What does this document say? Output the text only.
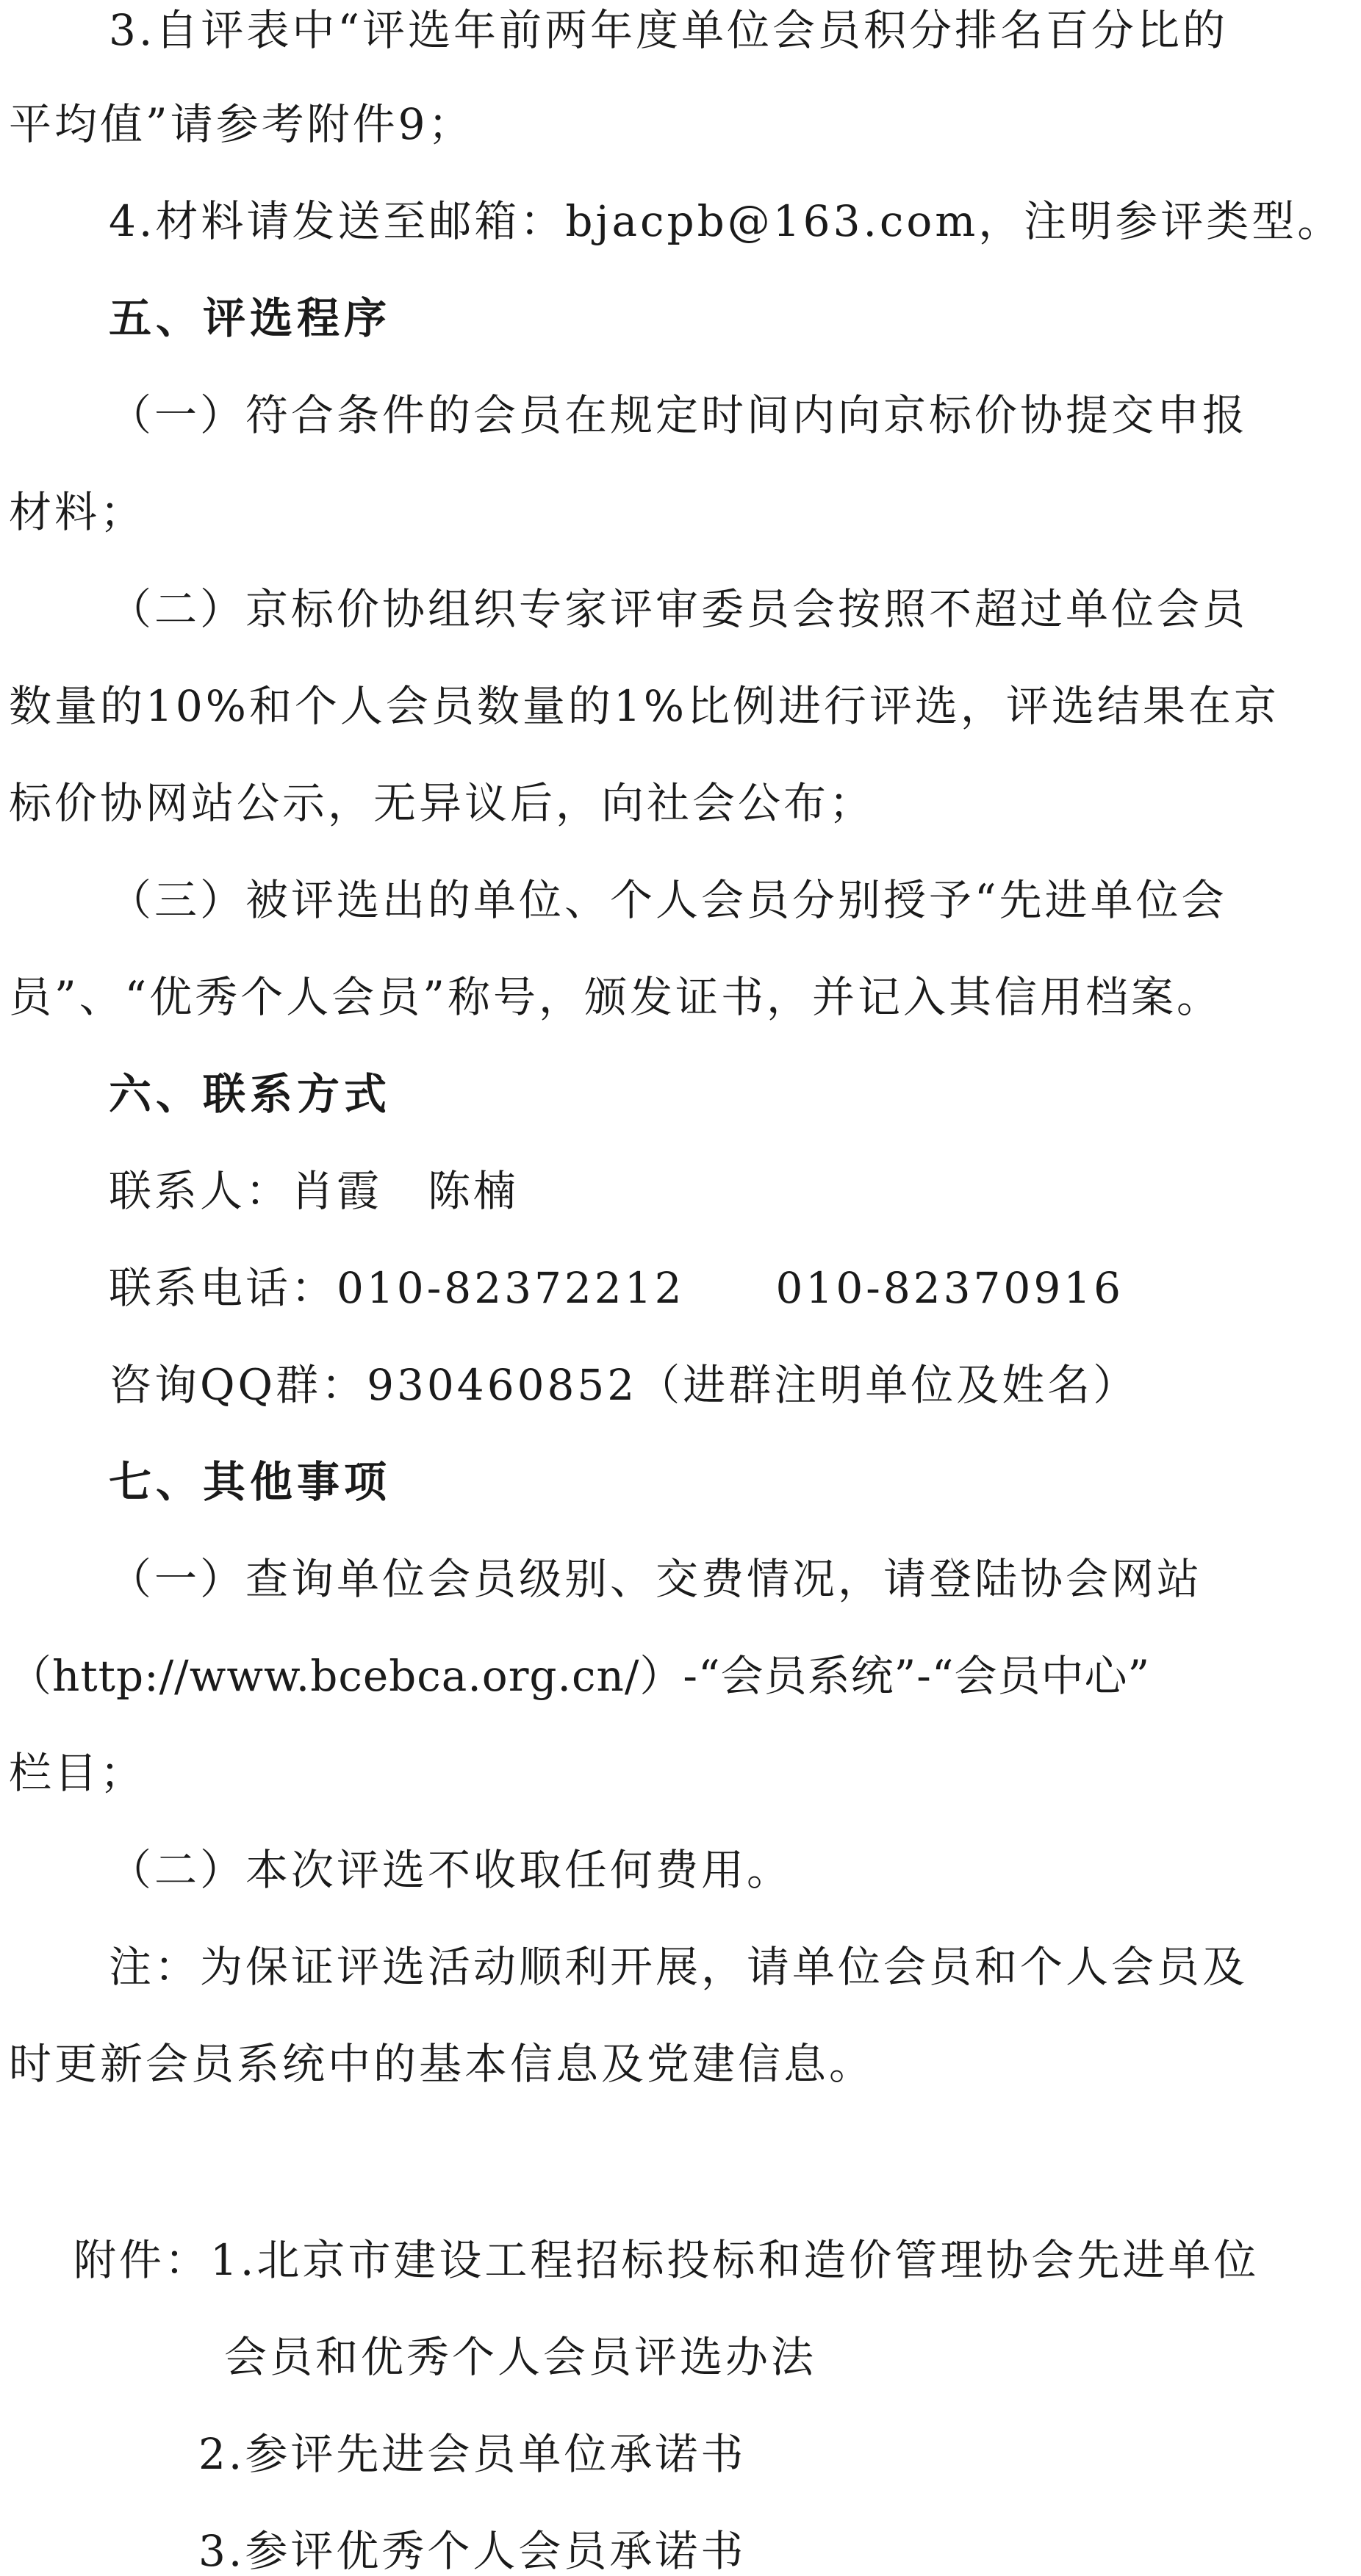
3.自评表中“评选年前两年度单位会员积分排名百分比的
平均值”请参考附件9；
4.材料请发送至邮箱：bjacpb@163.com，注明参评类型。
五、评选程序
（一）符合条件的会员在规定时间内向京标价协提交申报
材料；
（二）京标价协组织专家评审委员会按照不超过单位会员
数量的10%和个人会员数量的1%比例进行评选，评选结果在京
标价协网站公示，无异议后，向社会公布；
（三）被评选出的单位、个人会员分别授予“先进单位会
员”、“优秀个人会员”称号，颁发证书，并记入其信用档案。
六、联系方式
联系人：肖霞　陈楠
联系电话：010-82372212　　010-82370916
咨询QQ群：930460852（进群注明单位及姓名）
七、其他事项
（一）查询单位会员级别、交费情况，请登陆协会网站
（http://www.bcebca.org.cn/）-“会员系统”-“会员中心”
栏目；
（二）本次评选不收取任何费用。
注：为保证评选活动顺利开展，请单位会员和个人会员及
时更新会员系统中的基本信息及党建信息。
附件：1.北京市建设工程招标投标和造价管理协会先进单位
会员和优秀个人会员评选办法
2.参评先进会员单位承诺书
3.参评优秀个人会员承诺书
